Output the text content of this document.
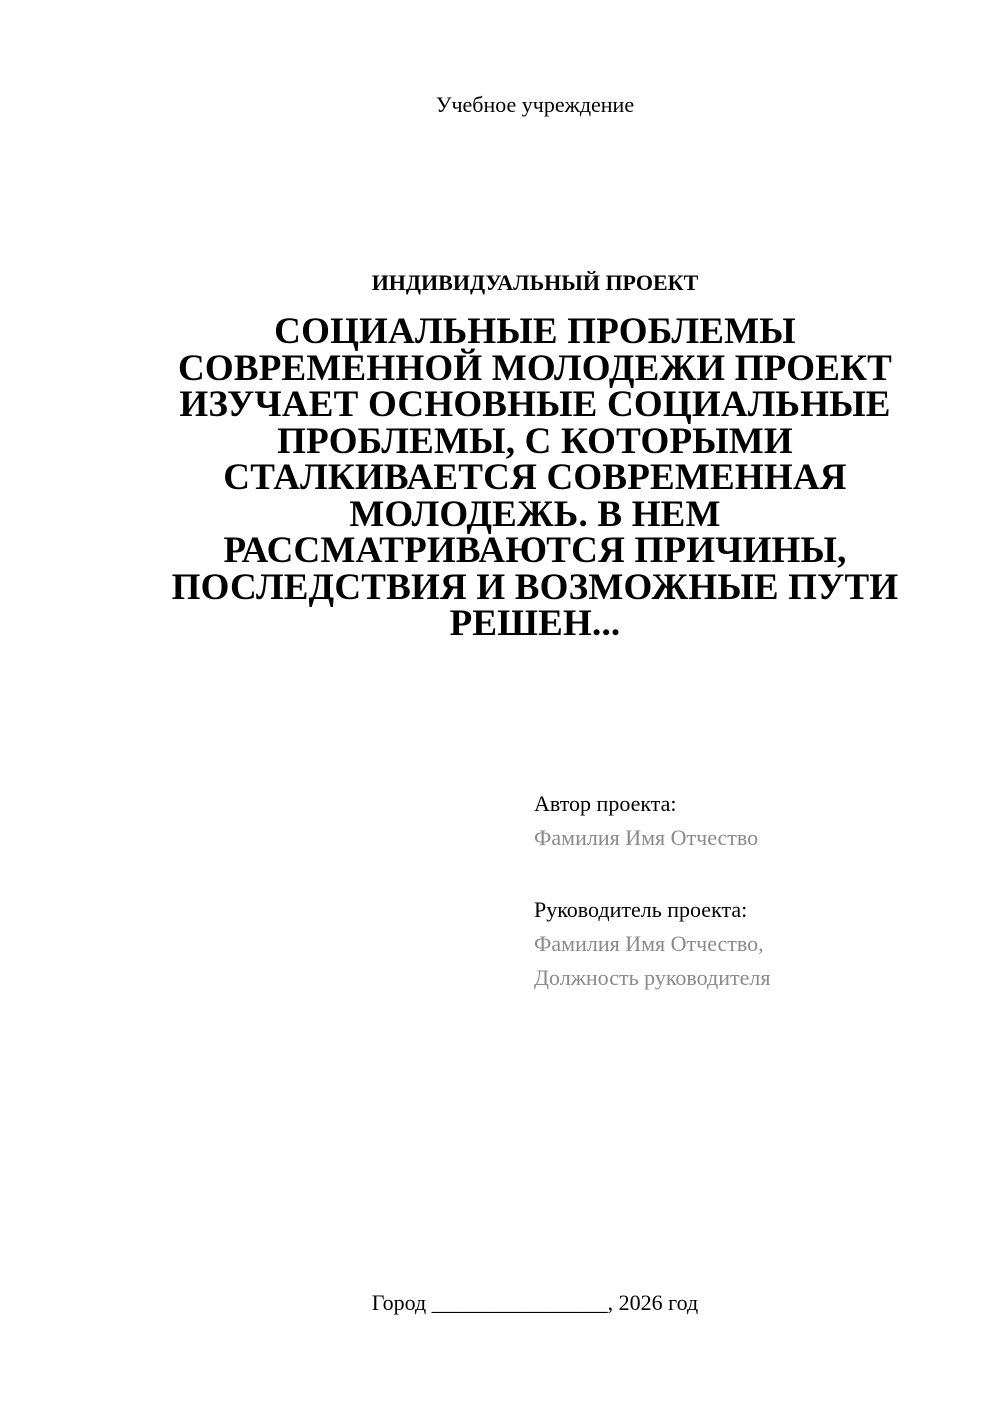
Учебное учреждение
ИНДИВИДУАЛЬНЫЙ ПРОЕКТ
СОЦИАЛЬНЫЕ ПРОБЛЕМЫ СОВРЕМЕННОЙ МОЛОДЕЖИ ПРОЕКТ ИЗУЧАЕТ ОСНОВНЫЕ СОЦИАЛЬНЫЕ ПРОБЛЕМЫ, С КОТОРЫМИ СТАЛКИВАЕТСЯ СОВРЕМЕННАЯ МОЛОДЕЖЬ. В НЕМ РАССМАТРИВАЮТСЯ ПРИЧИНЫ, ПОСЛЕДСТВИЯ И ВОЗМОЖНЫЕ ПУТИ РЕШЕН...
Автор проекта:
Фамилия Имя Отчество
Руководитель проекта:
Фамилия Имя Отчество,
Должность руководителя
Город ________________, 2026 год
